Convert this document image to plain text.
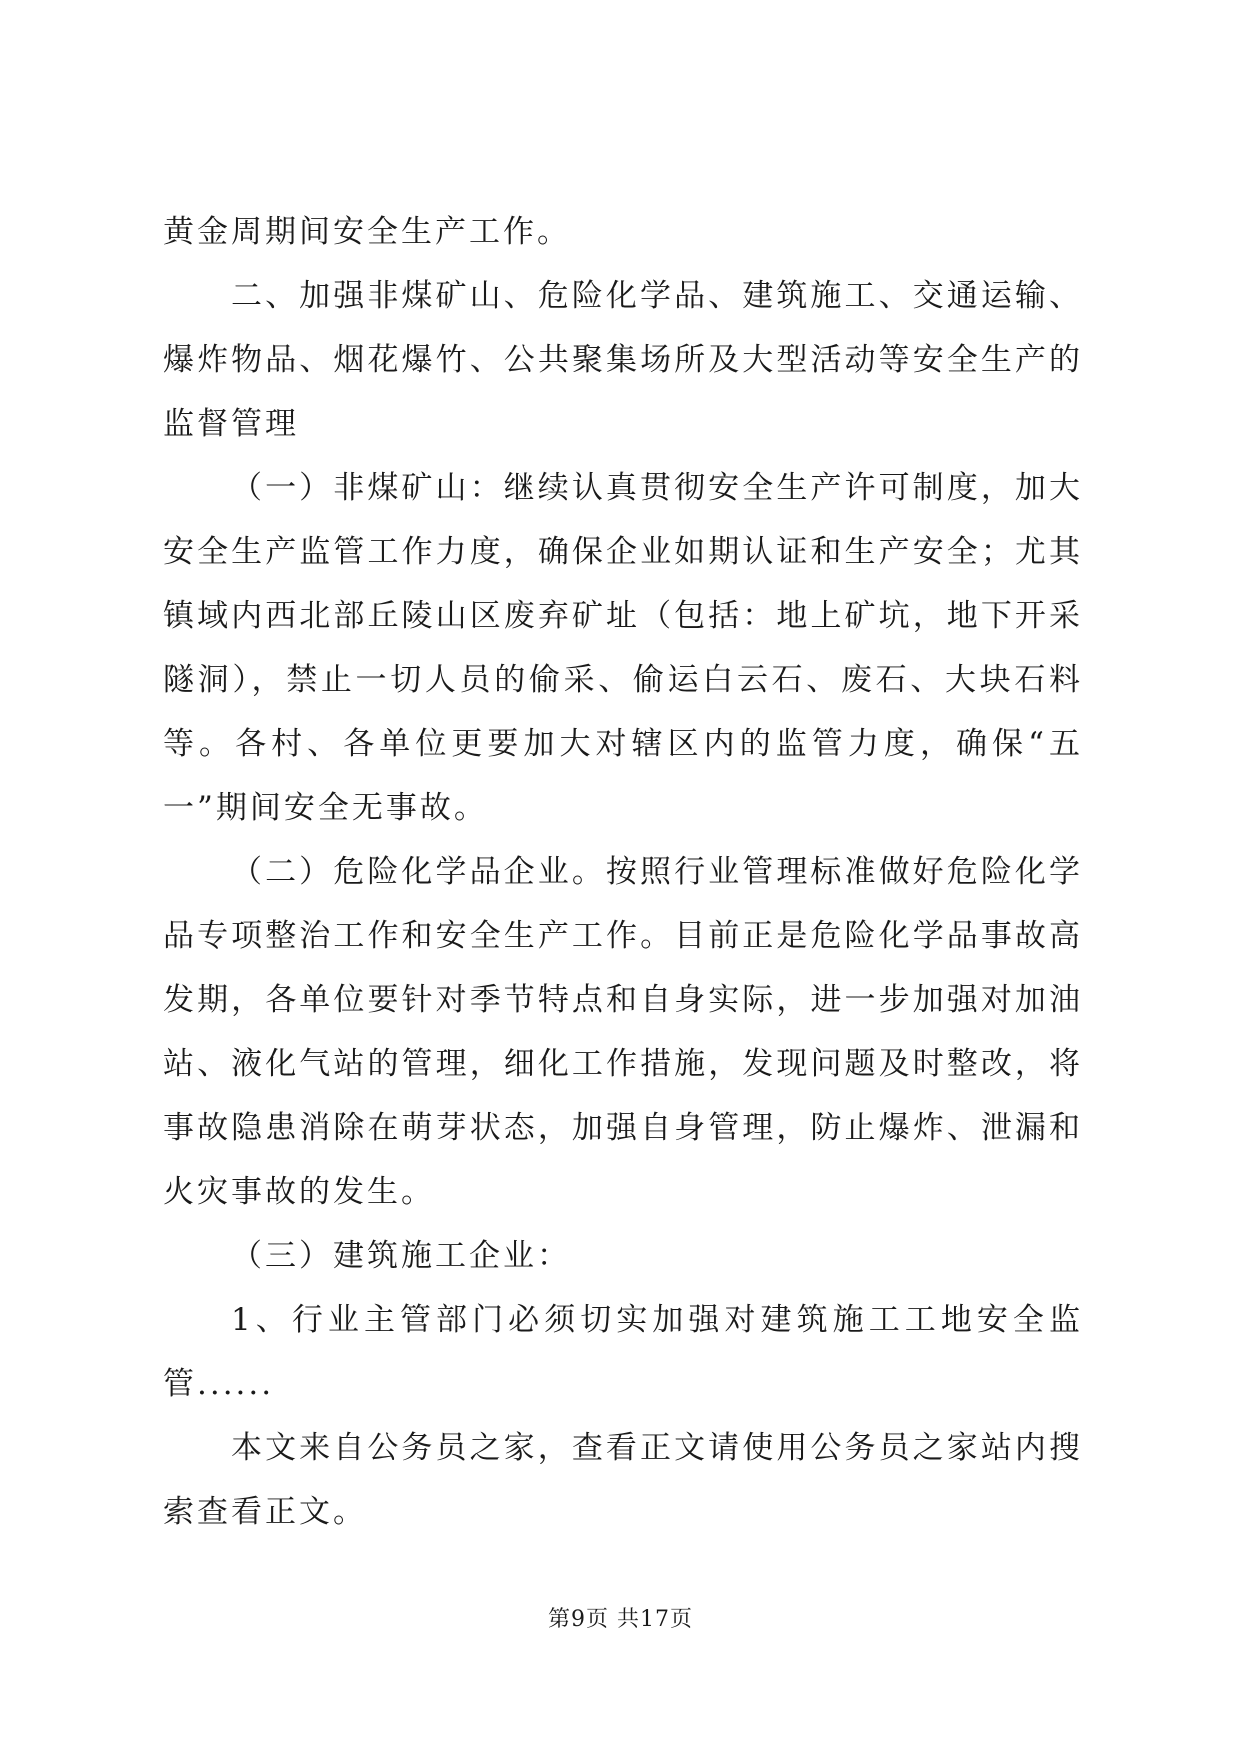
黄金周期间安全生产工作。

二、加强非煤矿山、危险化学品、建筑施工、交通运输、爆炸物品、烟花爆竹、公共聚集场所及大型活动等安全生产的监督管理

（一）非煤矿山：继续认真贯彻安全生产许可制度，加大安全生产监管工作力度，确保企业如期认证和生产安全；尤其镇域内西北部丘陵山区废弃矿址（包括：地上矿坑，地下开采隧洞），禁止一切人员的偷采、偷运白云石、废石、大块石料等。各村、各单位更要加大对辖区内的监管力度，确保“五一”期间安全无事故。

（二）危险化学品企业。按照行业管理标准做好危险化学品专项整治工作和安全生产工作。目前正是危险化学品事故高发期，各单位要针对季节特点和自身实际，进一步加强对加油站、液化气站的管理，细化工作措施，发现问题及时整改，将事故隐患消除在萌芽状态，加强自身管理，防止爆炸、泄漏和火灾事故的发生。

（三）建筑施工企业：

1、行业主管部门必须切实加强对建筑施工工地安全监管......

本文来自公务员之家，查看正文请使用公务员之家站内搜索查看正文。

第9页 共17页
